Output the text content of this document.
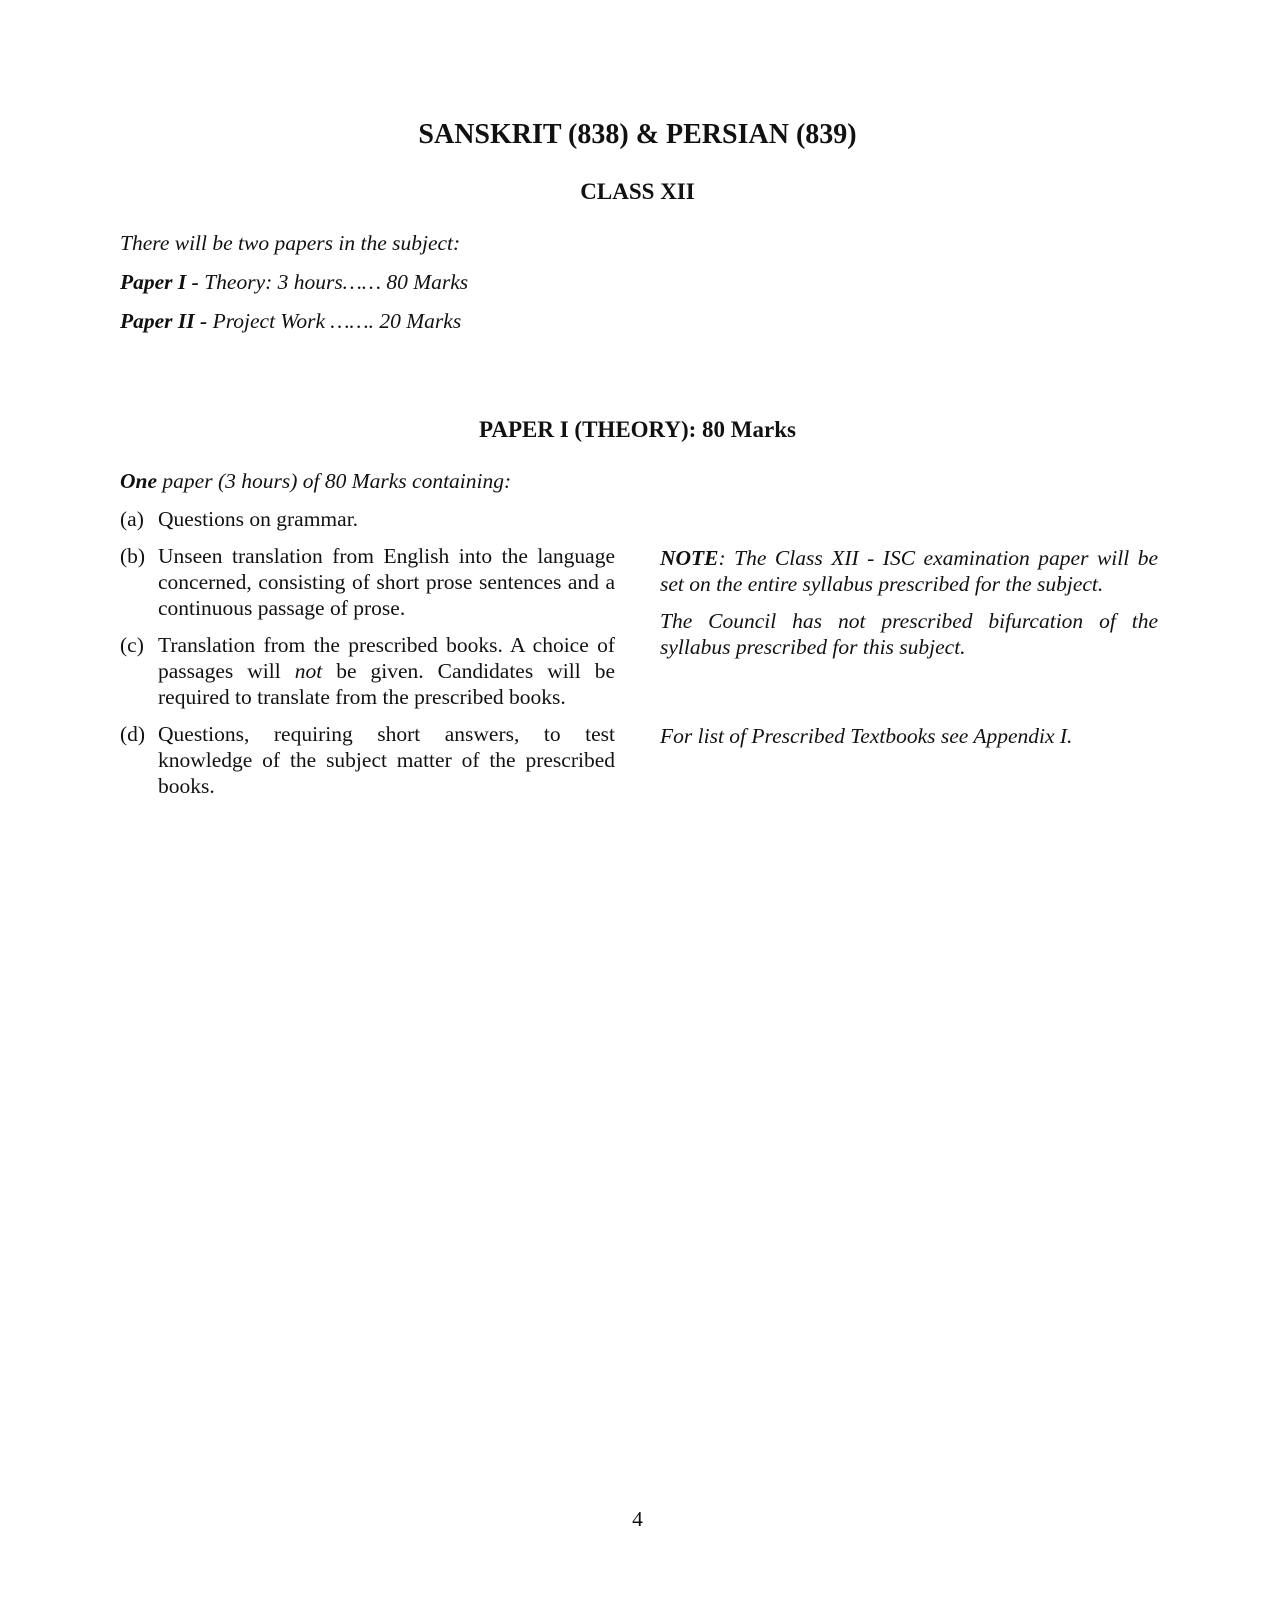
SANSKRIT (838) & PERSIAN (839)
CLASS XII

There will be two papers in the subject:

Paper I - Theory: 3 hours…… 80 Marks

Paper II - Project Work ……. 20 Marks

PAPER I (THEORY): 80 Marks

One paper (3 hours) of 80 Marks containing:

(a) Questions on grammar.
(b) Unseen translation from English into the language concerned, consisting of short prose sentences and a continuous passage of prose.
(c) Translation from the prescribed books. A choice of passages will not be given. Candidates will be required to translate from the prescribed books.
(d) Questions, requiring short answers, to test knowledge of the subject matter of the prescribed books.

NOTE: The Class XII - ISC examination paper will be set on the entire syllabus prescribed for the subject.

The Council has not prescribed bifurcation of the syllabus prescribed for this subject.

For list of Prescribed Textbooks see Appendix I.

4
